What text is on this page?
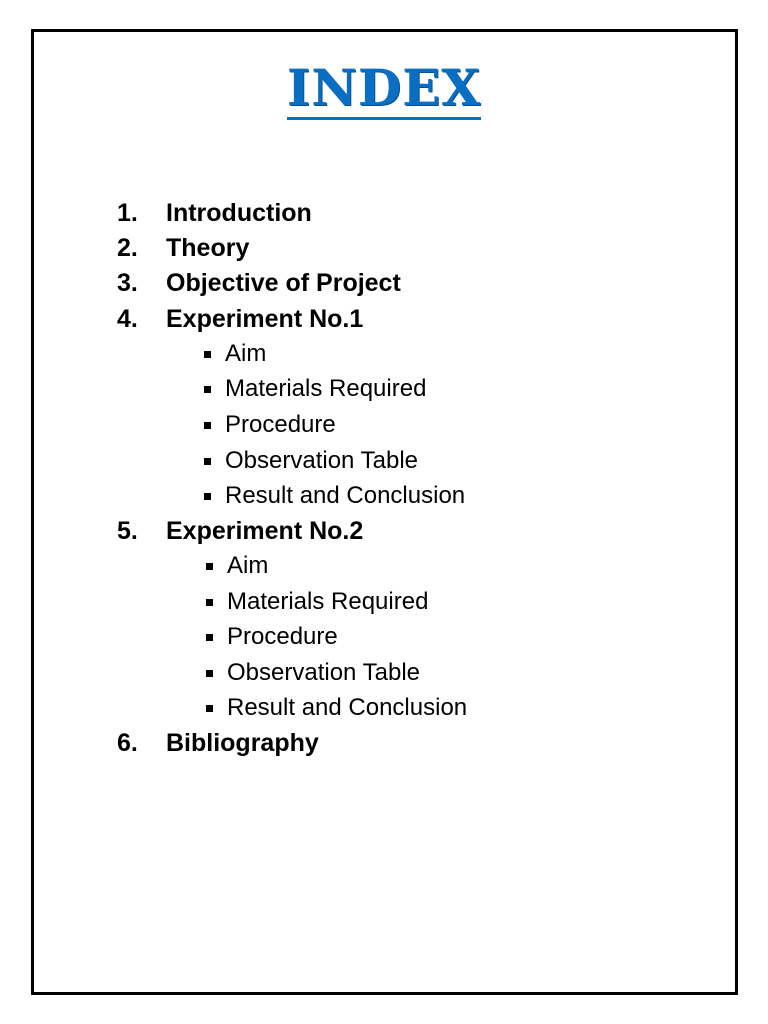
INDEX
1. Introduction
2. Theory
3. Objective of Project
4. Experiment No.1
Aim
Materials Required
Procedure
Observation Table
Result and Conclusion
5. Experiment No.2
Aim
Materials Required
Procedure
Observation Table
Result and Conclusion
6. Bibliography
